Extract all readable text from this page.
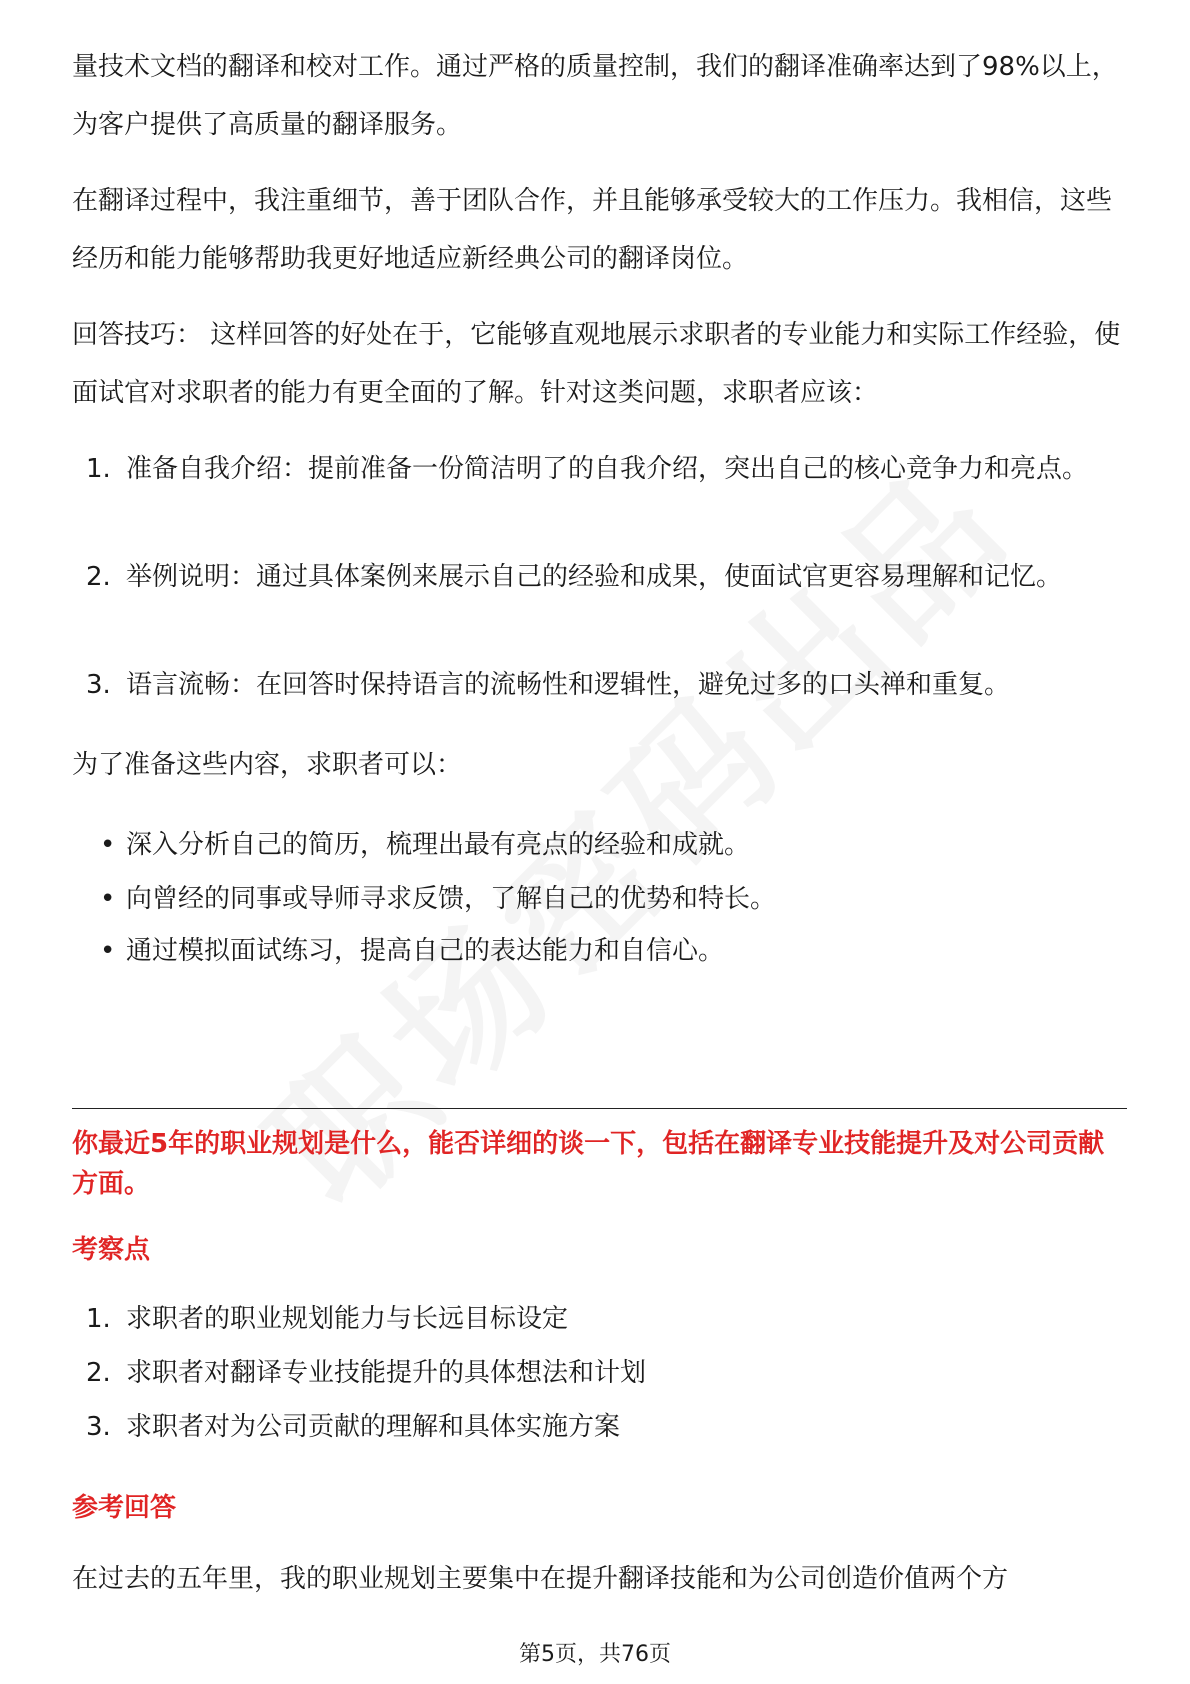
量技术文档的翻译和校对工作。通过严格的质量控制，我们的翻译准确率达到了98%以上，为客户提供了高质量的翻译服务。

在翻译过程中，我注重细节，善于团队合作，并且能够承受较大的工作压力。我相信，这些经历和能力能够帮助我更好地适应新经典公司的翻译岗位。

回答技巧： 这样回答的好处在于，它能够直观地展示求职者的专业能力和实际工作经验，使面试官对求职者的能力有更全面的了解。针对这类问题，求职者应该：

1. 准备自我介绍：提前准备一份简洁明了的自我介绍，突出自己的核心竞争力和亮点。
2. 举例说明：通过具体案例来展示自己的经验和成果，使面试官更容易理解和记忆。
3. 语言流畅：在回答时保持语言的流畅性和逻辑性，避免过多的口头禅和重复。

为了准备这些内容，求职者可以：

• 深入分析自己的简历，梳理出最有亮点的经验和成就。
• 向曾经的同事或导师寻求反馈，了解自己的优势和特长。
• 通过模拟面试练习，提高自己的表达能力和自信心。
你最近5年的职业规划是什么，能否详细的谈一下，包括在翻译专业技能提升及对公司贡献方面。
考察点
1. 求职者的职业规划能力与长远目标设定
2. 求职者对翻译专业技能提升的具体想法和计划
3. 求职者对为公司贡献的理解和具体实施方案
参考回答

在过去的五年里，我的职业规划主要集中在提升翻译技能和为公司创造价值两个方

第5页，共76页
